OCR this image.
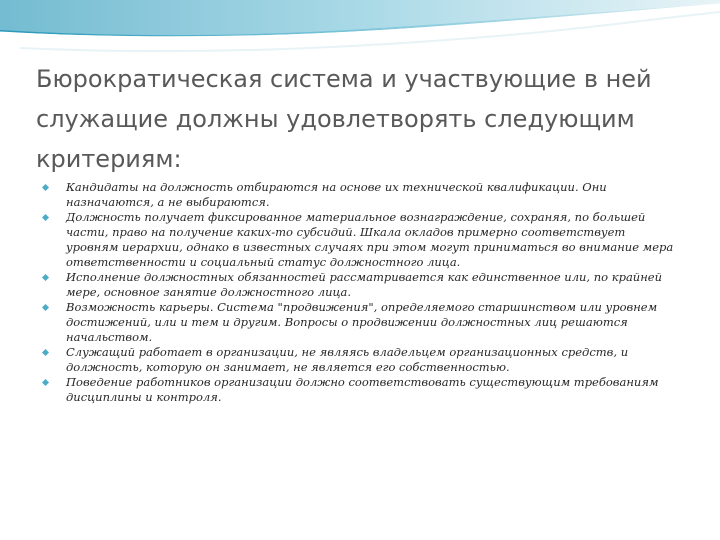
Бюрократическая система и участвующие в ней служащие должны удовлетворять следующим критериям:
Кандидаты на должность отбираются на основе их технической квалификации. Они назначаются, а не выбираются.
Должность получает фиксированное материальное вознаграждение, сохраняя, по большей части, право на получение каких-то субсидий. Шкала окладов примерно соответствует уровням иерархии, однако в известных случаях при этом могут приниматься во внимание мера ответственности и социальный статус должностного лица.
Исполнение должностных обязанностей рассматривается как единственное или, по крайней мере, основное занятие должностного лица.
Возможность карьеры. Система "продвижения", определяемого старшинством или уровнем достижений, или и тем и другим. Вопросы о продвижении должностных лиц решаются начальством.
Служащий работает в организации, не являясь владельцем организационных средств, и должность, которую он занимает, не является его собственностью.
Поведение работников организации должно соответствовать существующим требованиям дисциплины и контроля.
